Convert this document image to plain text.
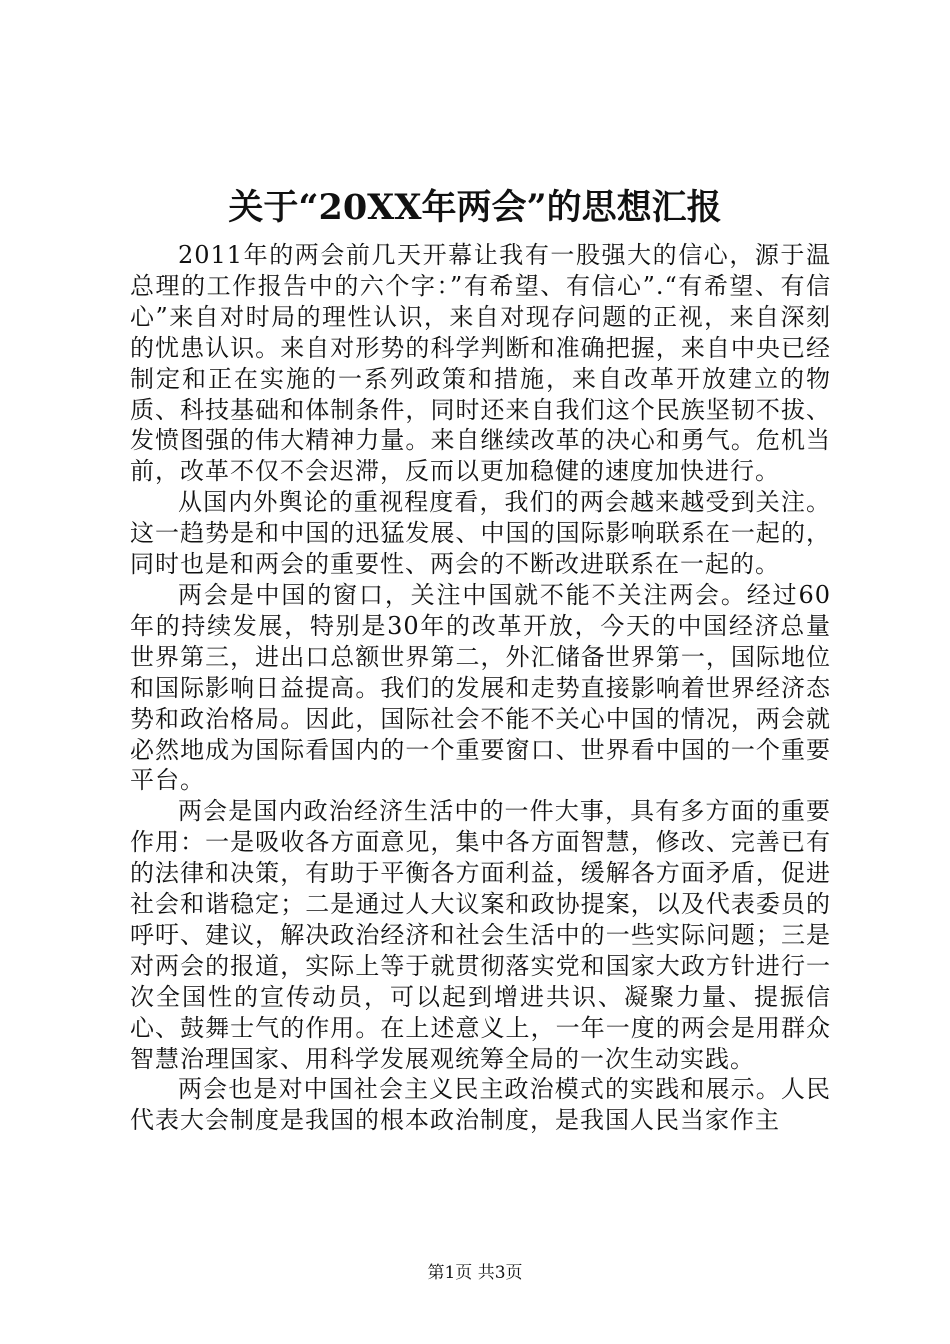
关于“20XX年两会”的思想汇报

2011年的两会前几天开幕让我有一股强大的信心，源于温总理的工作报告中的六个字：”有希望、有信心”.“有希望、有信心”来自对时局的理性认识，来自对现存问题的正视，来自深刻的忧患认识。来自对形势的科学判断和准确把握，来自中央已经制定和正在实施的一系列政策和措施，来自改革开放建立的物质、科技基础和体制条件，同时还来自我们这个民族坚韧不拔、发愤图强的伟大精神力量。来自继续改革的决心和勇气。危机当前，改革不仅不会迟滞，反而以更加稳健的速度加快进行。

从国内外舆论的重视程度看，我们的两会越来越受到关注。这一趋势是和中国的迅猛发展、中国的国际影响联系在一起的，同时也是和两会的重要性、两会的不断改进联系在一起的。

两会是中国的窗口，关注中国就不能不关注两会。经过60年的持续发展，特别是30年的改革开放，今天的中国经济总量世界第三，进出口总额世界第二，外汇储备世界第一，国际地位和国际影响日益提高。我们的发展和走势直接影响着世界经济态势和政治格局。因此，国际社会不能不关心中国的情况，两会就必然地成为国际看国内的一个重要窗口、世界看中国的一个重要平台。

两会是国内政治经济生活中的一件大事，具有多方面的重要作用：一是吸收各方面意见，集中各方面智慧，修改、完善已有的法律和决策，有助于平衡各方面利益，缓解各方面矛盾，促进社会和谐稳定；二是通过人大议案和政协提案，以及代表委员的呼吁、建议，解决政治经济和社会生活中的一些实际问题；三是对两会的报道，实际上等于就贯彻落实党和国家大政方针进行一次全国性的宣传动员，可以起到增进共识、凝聚力量、提振信心、鼓舞士气的作用。在上述意义上，一年一度的两会是用群众智慧治理国家、用科学发展观统筹全局的一次生动实践。

两会也是对中国社会主义民主政治模式的实践和展示。人民代表大会制度是我国的根本政治制度，是我国人民当家作主

第1页 共3页
